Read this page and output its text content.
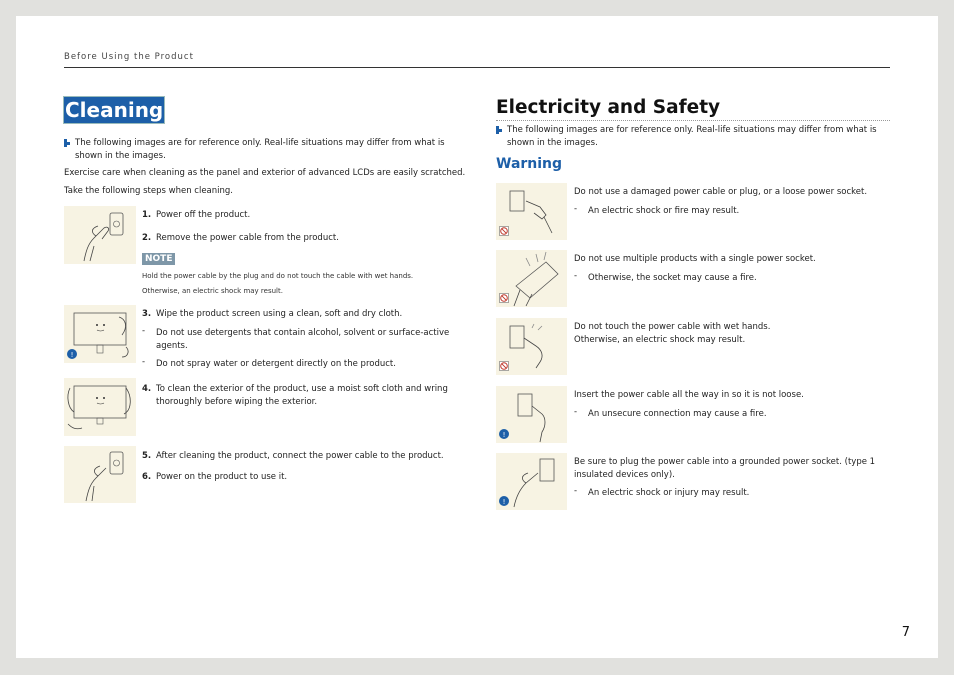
Before Using the Product
Cleaning
The following images are for reference only. Real-life situations may differ from what is shown in the images.
Exercise care when cleaning as the panel and exterior of advanced LCDs are easily scratched.
Take the following steps when cleaning.
1. Power off the product.
2. Remove the power cable from the product.
NOTE
Hold the power cable by the plug and do not touch the cable with wet hands.
Otherwise, an electric shock may result.
!
3. Wipe the product screen using a clean, soft and dry cloth.
- Do not use detergents that contain alcohol, solvent or surface-active agents.
- Do not spray water or detergent directly on the product.
4. To clean the exterior of the product, use a moist soft cloth and wring thoroughly before wiping the exterior.
5. After cleaning the product, connect the power cable to the product.
6. Power on the product to use it.
Electricity and Safety
The following images are for reference only. Real-life situations may differ from what is shown in the images.
Warning
Do not use a damaged power cable or plug, or a loose power socket.
- An electric shock or fire may result.
Do not use multiple products with a single power socket.
- Otherwise, the socket may cause a fire.
Do not touch the power cable with wet hands.
Otherwise, an electric shock may result.
!
Insert the power cable all the way in so it is not loose.
- An unsecure connection may cause a fire.
!
Be sure to plug the power cable into a grounded power socket. (type 1 insulated devices only).
- An electric shock or injury may result.
7
